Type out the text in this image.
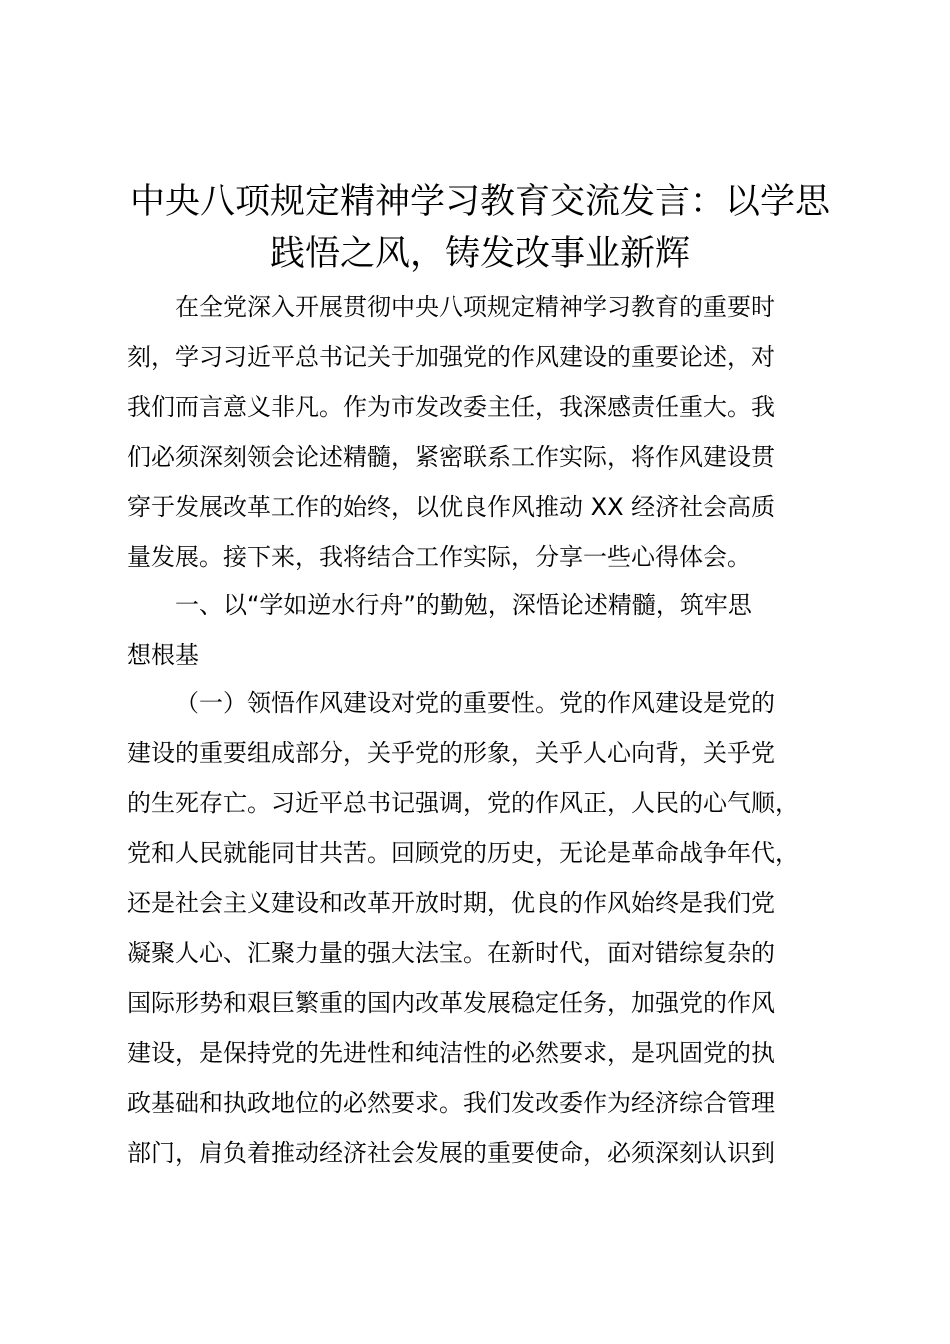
中央八项规定精神学习教育交流发言：以学思
践悟之风，铸发改事业新辉
在全党深入开展贯彻中央八项规定精神学习教育的重要时
刻，学习习近平总书记关于加强党的作风建设的重要论述，对
我们而言意义非凡。作为市发改委主任，我深感责任重大。我
们必须深刻领会论述精髓，紧密联系工作实际，将作风建设贯
穿于发展改革工作的始终，以优良作风推动 XX 经济社会高质
量发展。接下来，我将结合工作实际，分享一些心得体会。
一、以“学如逆水行舟”的勤勉，深悟论述精髓，筑牢思
想根基
（一）领悟作风建设对党的重要性。党的作风建设是党的
建设的重要组成部分，关乎党的形象，关乎人心向背，关乎党
的生死存亡。习近平总书记强调，党的作风正，人民的心气顺，
党和人民就能同甘共苦。回顾党的历史，无论是革命战争年代，
还是社会主义建设和改革开放时期，优良的作风始终是我们党
凝聚人心、汇聚力量的强大法宝。在新时代，面对错综复杂的
国际形势和艰巨繁重的国内改革发展稳定任务，加强党的作风
建设，是保持党的先进性和纯洁性的必然要求，是巩固党的执
政基础和执政地位的必然要求。我们发改委作为经济综合管理
部门，肩负着推动经济社会发展的重要使命，必须深刻认识到
